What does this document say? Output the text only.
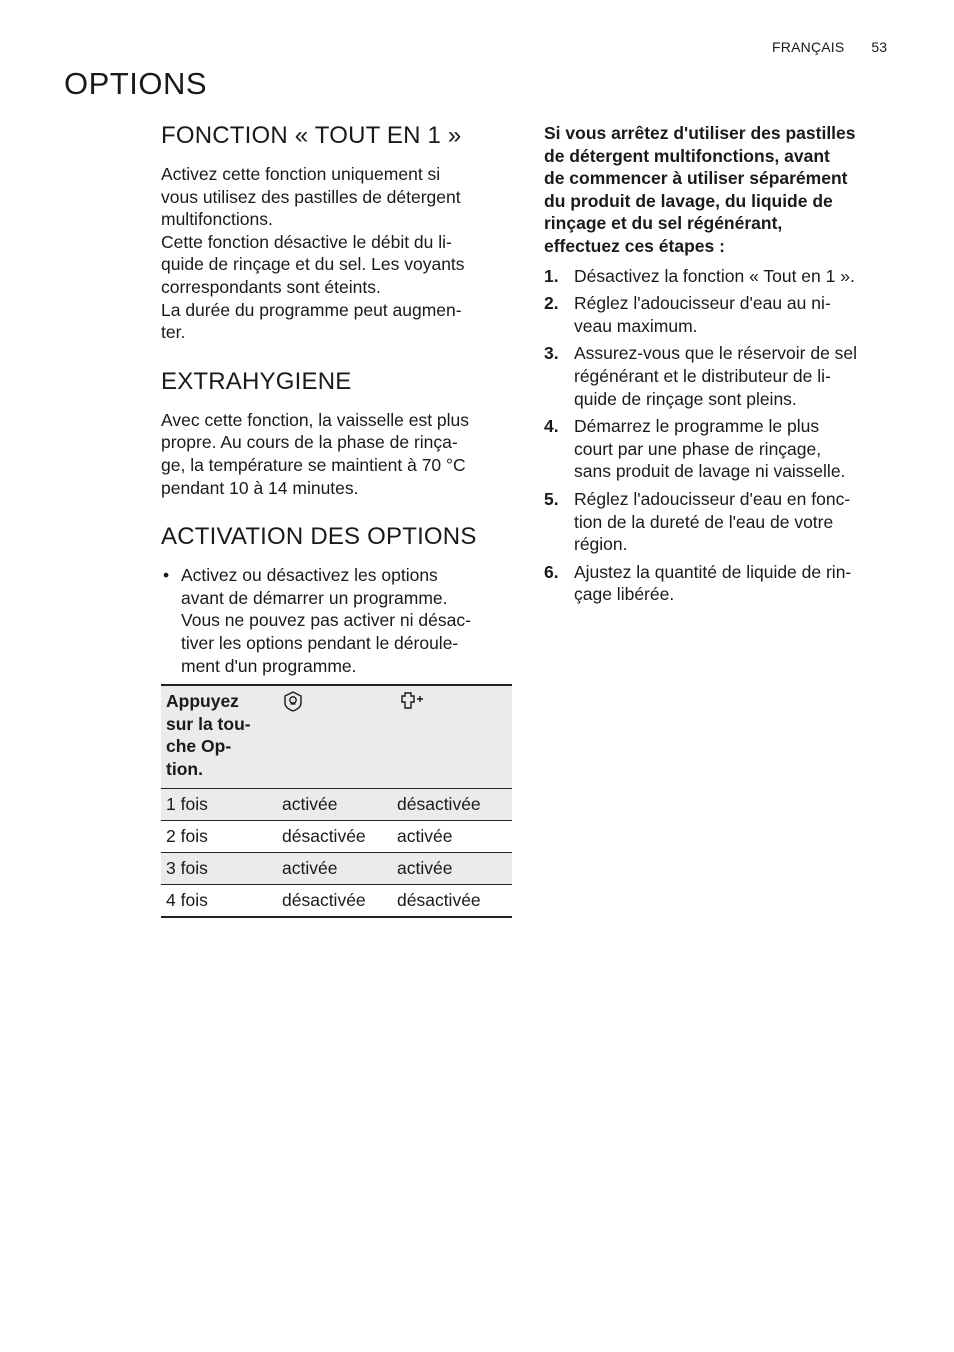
FRANÇAIS 53
OPTIONS
FONCTION « TOUT EN 1 »

Activez cette fonction uniquement si
vous utilisez des pastilles de détergent
multifonctions.
Cette fonction désactive le débit du li-
quide de rinçage et du sel. Les voyants
correspondants sont éteints.
La durée du programme peut augmen-
ter.

EXTRAHYGIENE

Avec cette fonction, la vaisselle est plus
propre. Au cours de la phase de rinça-
ge, la température se maintient à 70 °C
pendant 10 à 14 minutes.

ACTIVATION DES OPTIONS
• Activez ou désactivez les options
avant de démarrer un programme.
Vous ne pouvez pas activer ni désac-
tiver les options pendant le déroule-
ment d'un programme.
Appuyez
sur la tou-
che Op-
tion.		
1 fois	activée	désactivée
2 fois	désactivée	activée
3 fois	activée	activée
4 fois	désactivée	désactivée

Si vous arrêtez d'utiliser des pastilles
de détergent multifonctions, avant
de commencer à utiliser séparément
du produit de lavage, du liquide de
rinçage et du sel régénérant,
effectuez ces étapes :

1. Désactivez la fonction « Tout en 1 ».
2. Réglez l'adoucisseur d'eau au ni-
veau maximum.
3. Assurez-vous que le réservoir de sel
régénérant et le distributeur de li-
quide de rinçage sont pleins.
4. Démarrez le programme le plus
court par une phase de rinçage,
sans produit de lavage ni vaisselle.
5. Réglez l'adoucisseur d'eau en fonc-
tion de la dureté de l'eau de votre
région.
6. Ajustez la quantité de liquide de rin-
çage libérée.
